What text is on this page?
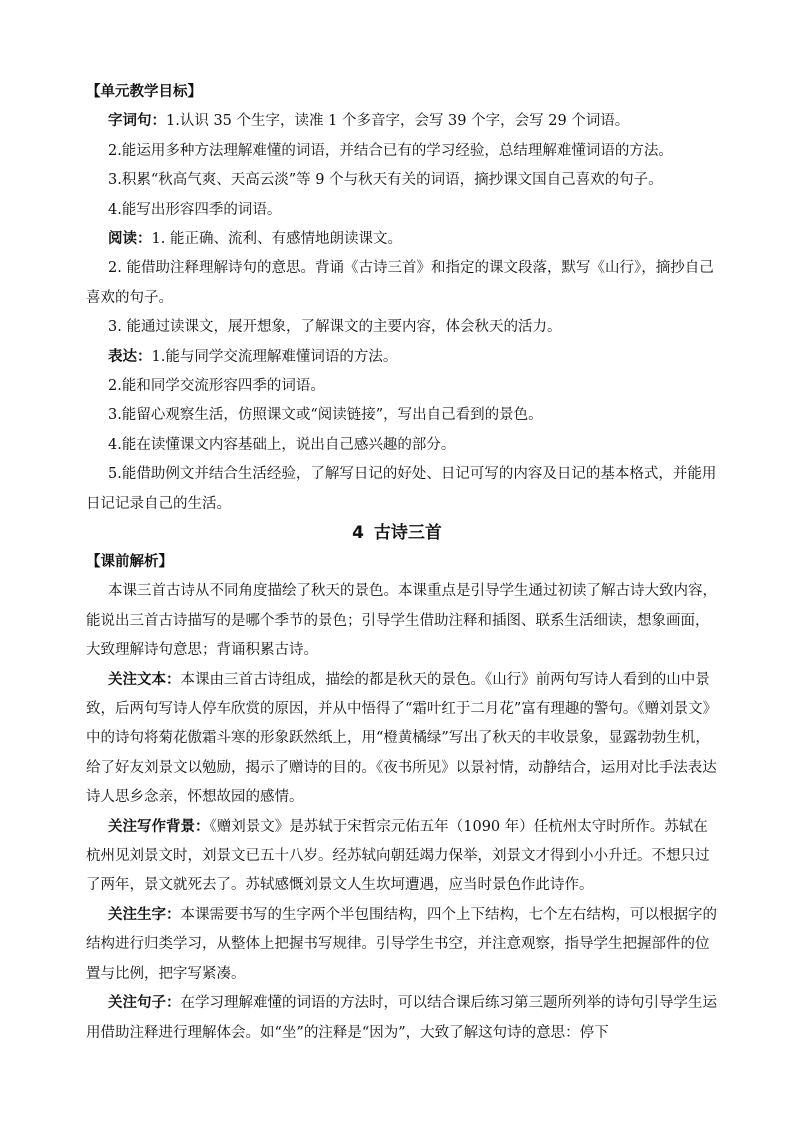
【单元教学目标】

字词句：1.认识 35 个生字，读准 1 个多音字，会写 39 个字，会写 29 个词语。

2.能运用多种方法理解难懂的词语，并结合已有的学习经验，总结理解难懂词语的方法。

3.积累“秋高气爽、天高云淡”等 9 个与秋天有关的词语，摘抄课文国自己喜欢的句子。

4.能写出形容四季的词语。

阅读：1. 能正确、流利、有感情地朗读课文。

2. 能借助注释理解诗句的意思。背诵《古诗三首》和指定的课文段落，默写《山行》，摘抄自己喜欢的句子。

3. 能通过读课文，展开想象，了解课文的主要内容，体会秋天的活力。

表达：1.能与同学交流理解难懂词语的方法。

2.能和同学交流形容四季的词语。

3.能留心观察生活，仿照课文或“阅读链接”，写出自己看到的景色。

4.能在读懂课文内容基础上，说出自己感兴趣的部分。

5.能借助例文并结合生活经验，了解写日记的好处、日记可写的内容及日记的基本格式，并能用日记记录自己的生活。

4 古诗三首

【课前解析】

本课三首古诗从不同角度描绘了秋天的景色。本课重点是引导学生通过初读了解古诗大致内容，能说出三首古诗描写的是哪个季节的景色；引导学生借助注释和插图、联系生活细读，想象画面，大致理解诗句意思；背诵积累古诗。

关注文本：本课由三首古诗组成，描绘的都是秋天的景色。《山行》前两句写诗人看到的山中景致，后两句写诗人停车欣赏的原因，并从中悟得了“霜叶红于二月花”富有理趣的警句。《赠刘景文》中的诗句将菊花傲霜斗寒的形象跃然纸上，用“橙黄橘绿”写出了秋天的丰收景象，显露勃勃生机，给了好友刘景文以勉励，揭示了赠诗的目的。《夜书所见》以景衬情，动静结合，运用对比手法表达诗人思乡念亲，怀想故园的感情。

关注写作背景：《赠刘景文》是苏轼于宋哲宗元佑五年（1090 年）任杭州太守时所作。苏轼在杭州见刘景文时，刘景文已五十八岁。经苏轼向朝廷竭力保举，刘景文才得到小小升迁。不想只过了两年，景文就死去了。苏轼感慨刘景文人生坎坷遭遇，应当时景色作此诗作。

关注生字：本课需要书写的生字两个半包围结构，四个上下结构，七个左右结构，可以根据字的结构进行归类学习，从整体上把握书写规律。引导学生书空，并注意观察，指导学生把握部件的位置与比例，把字写紧凑。

关注句子：在学习理解难懂的词语的方法时，可以结合课后练习第三题所列举的诗句引导学生运用借助注释进行理解体会。如“坐”的注释是“因为”，大致了解这句诗的意思：停下
